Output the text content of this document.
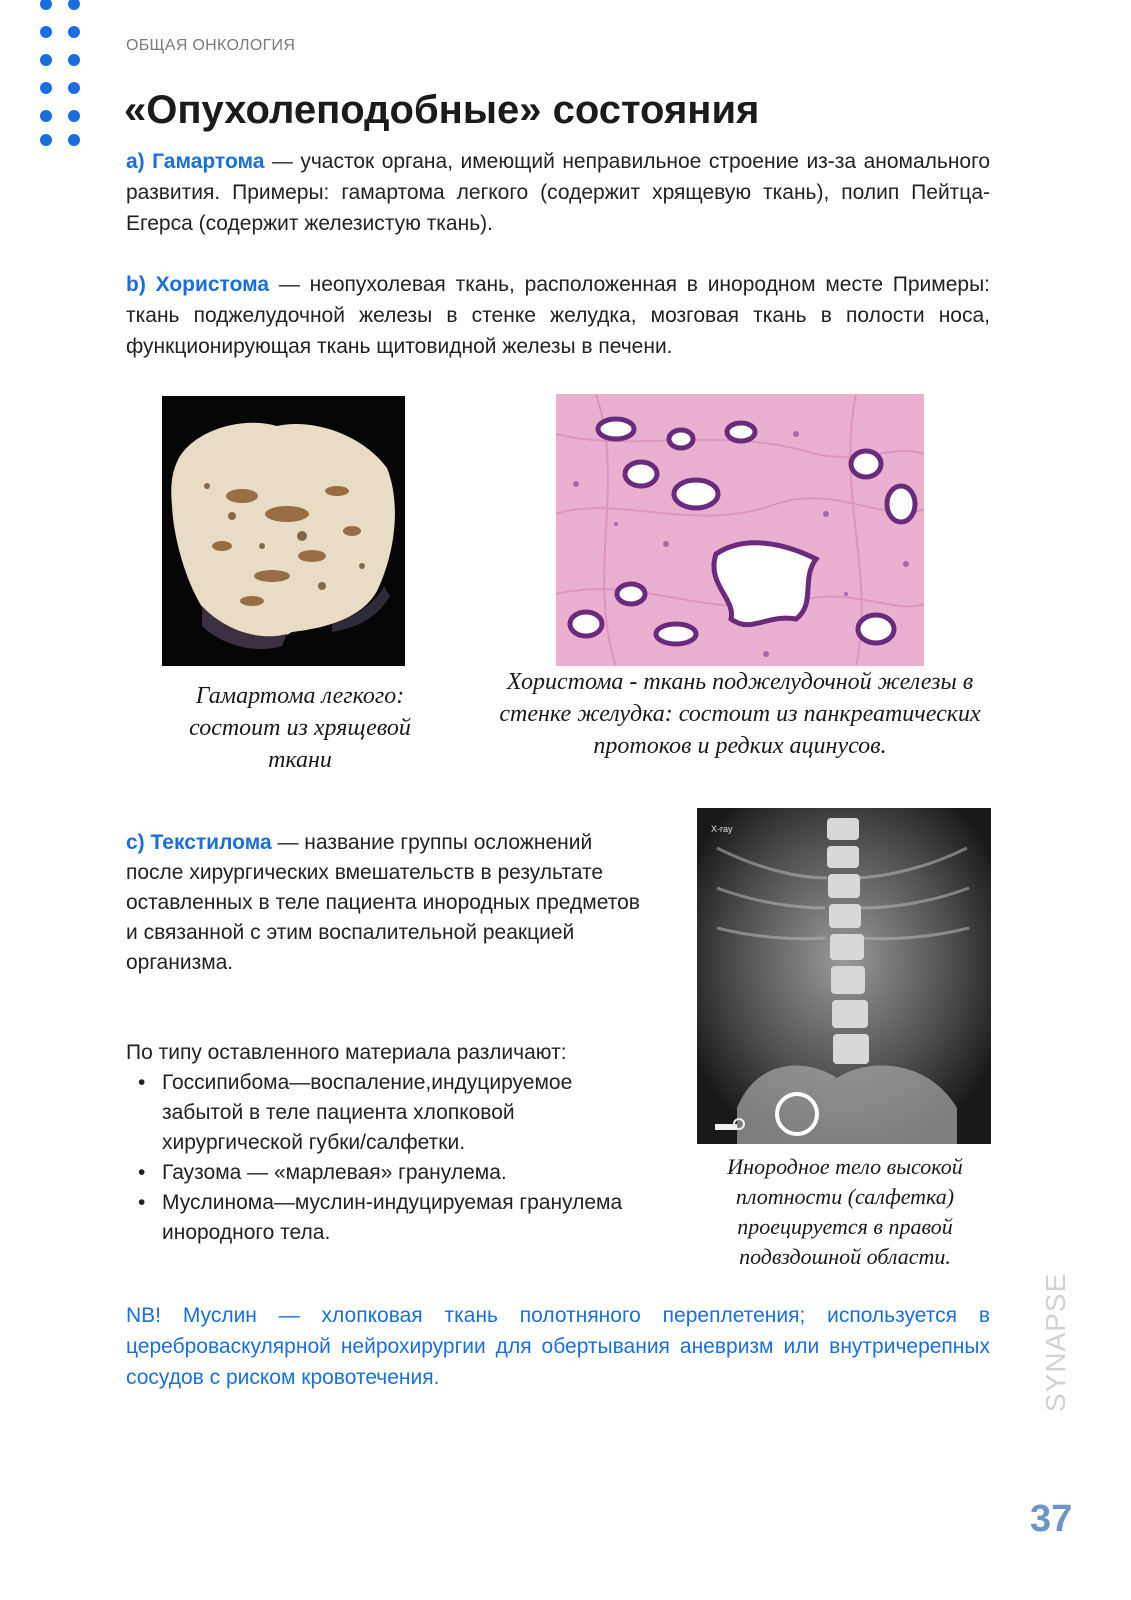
ОБЩАЯ ОНКОЛОГИЯ
«Опухолеподобные» состояния

a) Гамартома — участок органа, имеющий неправильное строение из-за аномального развития. Примеры: гамартома легкого (содержит хрящевую ткань), полип Пейтца-Егерса (содержит железистую ткань).

b) Хористома — неопухолевая ткань, расположенная в инородном месте Примеры: ткань поджелудочной железы в стенке желудка, мозговая ткань в полости носа, функционирующая ткань щитовидной железы в печени.

Гамартома легкого: состоит из хрящевой ткани

Хористома - ткань поджелудочной железы в стенке желудка: состоит из панкреатических протоков и редких ацинусов.

c) Текстилома — название группы осложнений после хирургических вмешательств в результате оставленных в теле пациента инородных предметов и связанной с этим воспалительной реакцией организма.

X-ray

По типу оставленного материала различают:

• Госсипибома—воспаление,индуцируемое забытой в теле пациента хлопковой хирургической губки/салфетки.
• Гаузома — «марлевая» гранулема.
• Муслинома—муслин-индуцируемая гранулема инородного тела.

Инородное тело высокой плотности (салфетка) проецируется в правой подвздошной области.

NB! Муслин — хлопковая ткань полотняного переплетения; используется в цереброваскулярной нейрохирургии для обертывания аневризм или внутричерепных сосудов с риском кровотечения.	SYNAPSE
37
